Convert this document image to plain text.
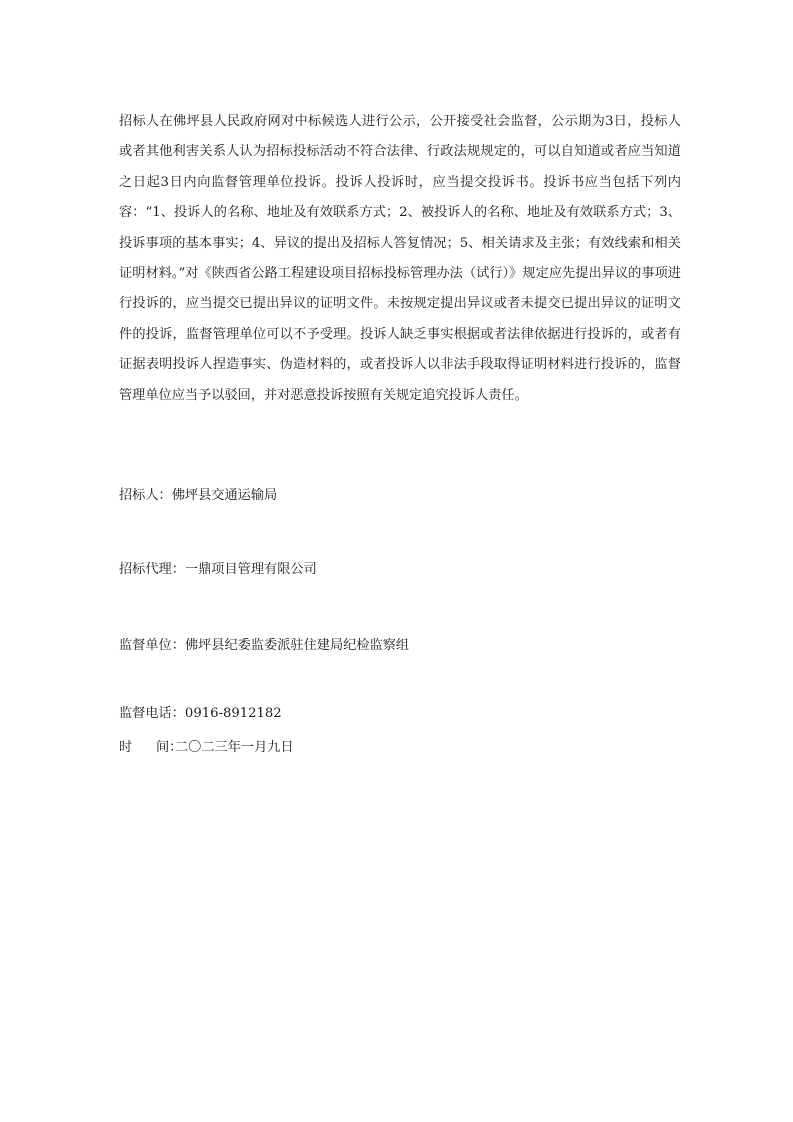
招标人在佛坪县人民政府网对中标候选人进行公示，公开接受社会监督，公示期为3日，投标人或者其他利害关系人认为招标投标活动不符合法律、行政法规规定的，可以自知道或者应当知道之日起3日内向监督管理单位投诉。投诉人投诉时，应当提交投诉书。投诉书应当包括下列内容：“1、投诉人的名称、地址及有效联系方式；2、被投诉人的名称、地址及有效联系方式；3、投诉事项的基本事实；4、异议的提出及招标人答复情况；5、相关请求及主张；有效线索和相关证明材料。”对《陕西省公路工程建设项目招标投标管理办法（试行）》规定应先提出异议的事项进行投诉的，应当提交已提出异议的证明文件。未按规定提出异议或者未提交已提出异议的证明文件的投诉，监督管理单位可以不予受理。投诉人缺乏事实根据或者法律依据进行投诉的，或者有证据表明投诉人捏造事实、伪造材料的，或者投诉人以非法手段取得证明材料进行投诉的，监督管理单位应当予以驳回，并对恶意投诉按照有关规定追究投诉人责任。
招标人：佛坪县交通运输局
招标代理：一鼎项目管理有限公司
监督单位：佛坪县纪委监委派驻住建局纪检监察组
监督电话：0916-8912182
时 间：二〇二三年一月九日
